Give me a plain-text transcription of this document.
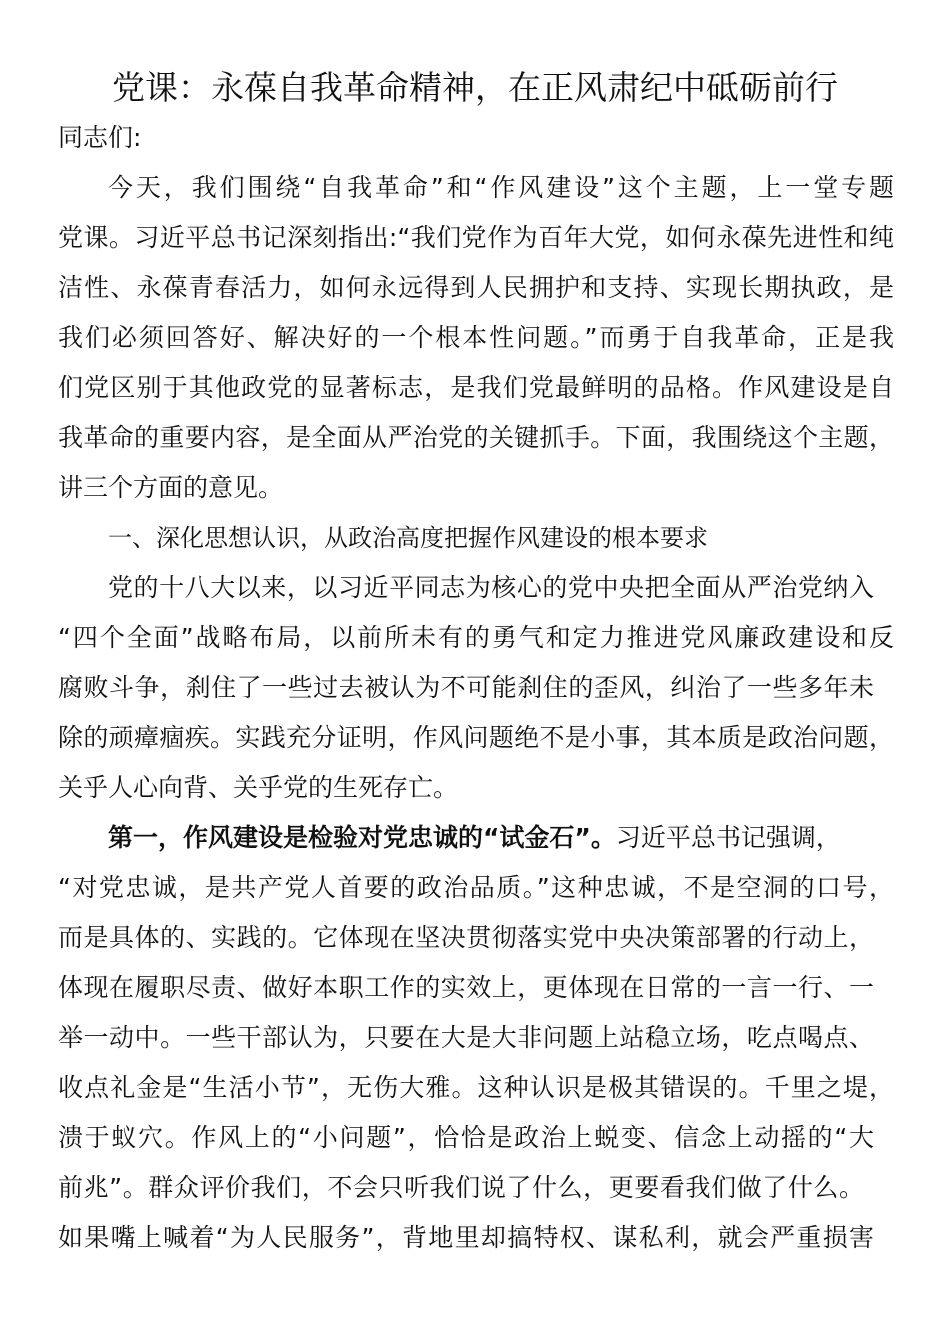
党课：永葆自我革命精神，在正风肃纪中砥砺前行
同志们:
今天，我们围绕“自我革命”和“作风建设”这个主题，上一堂专题
党课。习近平总书记深刻指出:“我们党作为百年大党，如何永葆先进性和纯
洁性、永葆青春活力，如何永远得到人民拥护和支持、实现长期执政，是
我们必须回答好、解决好的一个根本性问题。”而勇于自我革命，正是我
们党区别于其他政党的显著标志，是我们党最鲜明的品格。作风建设是自
我革命的重要内容，是全面从严治党的关键抓手。下面，我围绕这个主题，
讲三个方面的意见。
一、深化思想认识，从政治高度把握作风建设的根本要求
党的十八大以来，以习近平同志为核心的党中央把全面从严治党纳入
“四个全面”战略布局，以前所未有的勇气和定力推进党风廉政建设和反
腐败斗争，刹住了一些过去被认为不可能刹住的歪风，纠治了一些多年未
除的顽瘴痼疾。实践充分证明，作风问题绝不是小事，其本质是政治问题，
关乎人心向背、关乎党的生死存亡。
第一，作风建设是检验对党忠诚的“试金石”。习近平总书记强调，
“对党忠诚，是共产党人首要的政治品质。”这种忠诚，不是空洞的口号，
而是具体的、实践的。它体现在坚决贯彻落实党中央决策部署的行动上，
体现在履职尽责、做好本职工作的实效上，更体现在日常的一言一行、一
举一动中。一些干部认为，只要在大是大非问题上站稳立场，吃点喝点、
收点礼金是“生活小节”，无伤大雅。这种认识是极其错误的。千里之堤，
溃于蚁穴。作风上的“小问题”，恰恰是政治上蜕变、信念上动摇的“大
前兆”。群众评价我们，不会只听我们说了什么，更要看我们做了什么。
如果嘴上喊着“为人民服务”，背地里却搞特权、谋私利，就会严重损害
